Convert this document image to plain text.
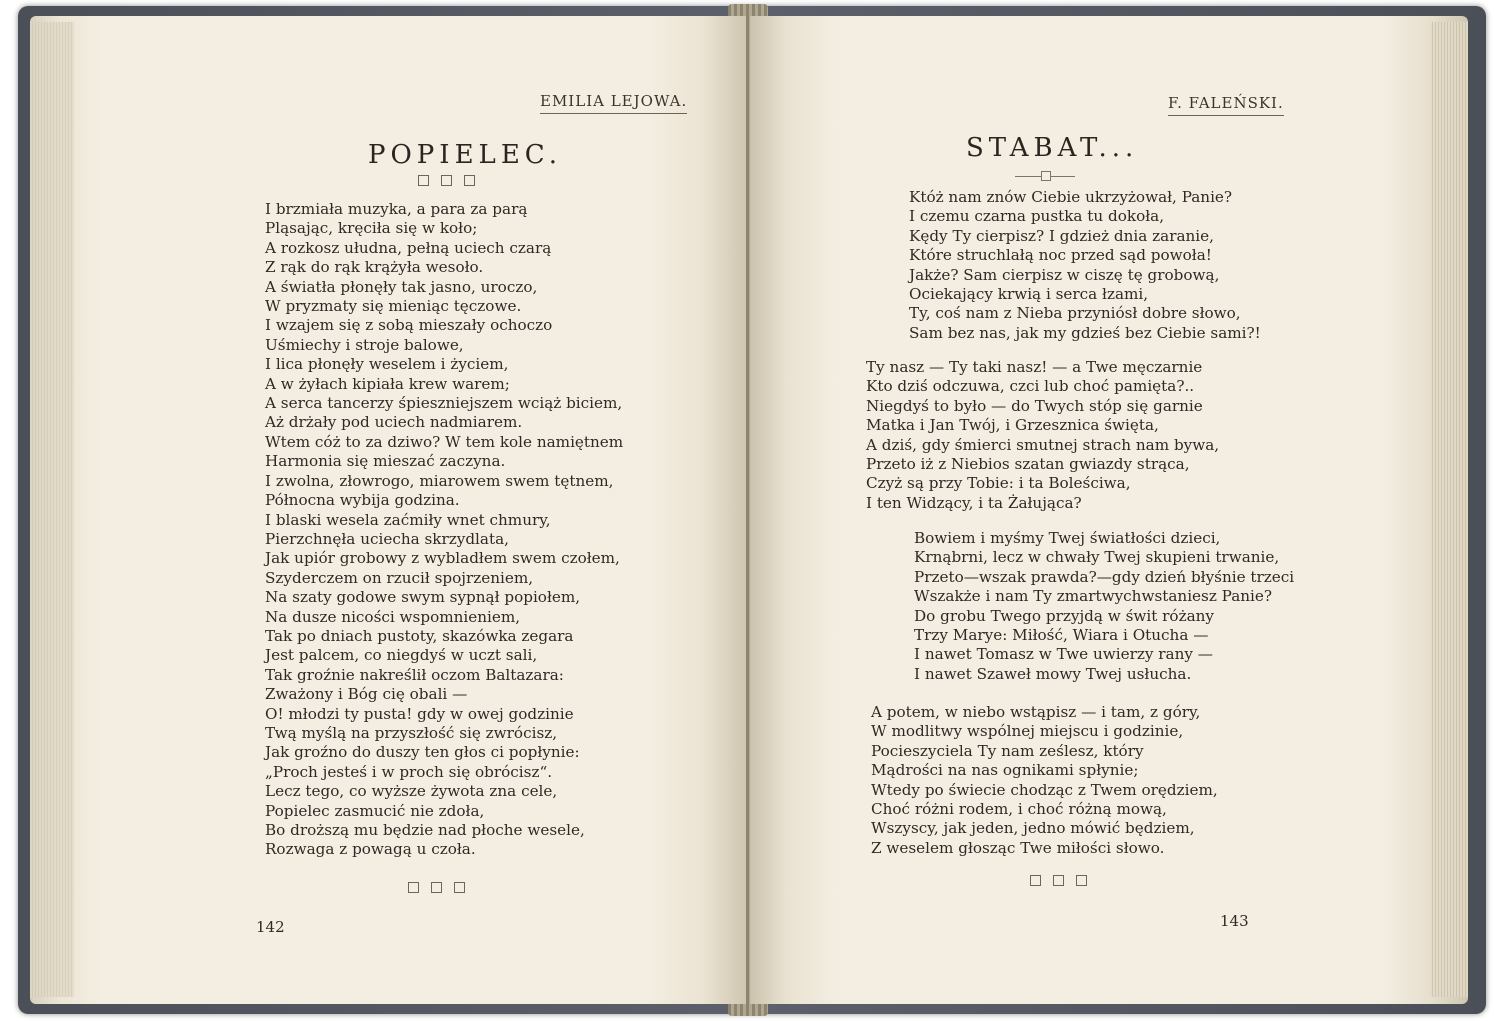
EMILIA LEJOWA.
POPIELEC.
I brzmiała muzyka, a para za parą
Pląsając, kręciła się w koło;
A rozkosz ułudna, pełną uciech czarą
Z rąk do rąk krążyła wesoło.
A światła płonęły tak jasno, uroczo,
W pryzmaty się mieniąc tęczowe.
I wzajem się z sobą mieszały ochoczo
Uśmiechy i stroje balowe,
I lica płonęły weselem i życiem,
A w żyłach kipiała krew warem;
A serca tancerzy śpieszniejszem wciąż biciem,
Aż drżały pod uciech nadmiarem.
Wtem cóż to za dziwo? W tem kole namiętnem
Harmonia się mieszać zaczyna.
I zwolna, złowrogo, miarowem swem tętnem,
Północna wybija godzina.
I blaski wesela zaćmiły wnet chmury,
Pierzchnęła uciecha skrzydlata,
Jak upiór grobowy z wybladłem swem czołem,
Szyderczem on rzucił spojrzeniem,
Na szaty godowe swym sypnął popiołem,
Na dusze nicości wspomnieniem,
Tak po dniach pustoty, skazówka zegara
Jest palcem, co niegdyś w uczt sali,
Tak groźnie nakreślił oczom Baltazara:
Zważony i Bóg cię obali —
O! młodzi ty pusta! gdy w owej godzinie
Twą myślą na przyszłość się zwrócisz,
Jak groźno do duszy ten głos ci popłynie:
„Proch jesteś i w proch się obrócisz“.
Lecz tego, co wyższe żywota zna cele,
Popielec zasmucić nie zdoła,
Bo droższą mu będzie nad płoche wesele,
Rozwaga z powagą u czoła.
142
F. FALEŃSKI.
STABAT...
Któż nam znów Ciebie ukrzyżował, Panie?
I czemu czarna pustka tu dokoła,
Kędy Ty cierpisz? I gdzież dnia zaranie,
Które struchlałą noc przed sąd powoła!
Jakże? Sam cierpisz w ciszę tę grobową,
Ociekający krwią i serca łzami,
Ty, coś nam z Nieba przyniósł dobre słowo,
Sam bez nas, jak my gdzieś bez Ciebie sami?!
Ty nasz — Ty taki nasz! — a Twe męczarnie
Kto dziś odczuwa, czci lub choć pamięta?..
Niegdyś to było — do Twych stóp się garnie
Matka i Jan Twój, i Grzesznica święta,
A dziś, gdy śmierci smutnej strach nam bywa,
Przeto iż z Niebios szatan gwiazdy strąca,
Czyż są przy Tobie: i ta Boleściwa,
I ten Widzący, i ta Żałująca?
Bowiem i myśmy Twej światłości dzieci,
Krnąbrni, lecz w chwały Twej skupieni trwanie,
Przeto—wszak prawda?—gdy dzień błyśnie trzeci
Wszakże i nam Ty zmartwychwstaniesz Panie?
Do grobu Twego przyjdą w świt różany
Trzy Marye: Miłość, Wiara i Otucha —
I nawet Tomasz w Twe uwierzy rany —
I nawet Szaweł mowy Twej usłucha.
A potem, w niebo wstąpisz — i tam, z góry,
W modlitwy wspólnej miejscu i godzinie,
Pocieszyciela Ty nam ześlesz, który
Mądrości na nas ognikami spłynie;
Wtedy po świecie chodząc z Twem orędziem,
Choć różni rodem, i choć różną mową,
Wszyscy, jak jeden, jedno mówić będziem,
Z weselem głosząc Twe miłości słowo.
143
